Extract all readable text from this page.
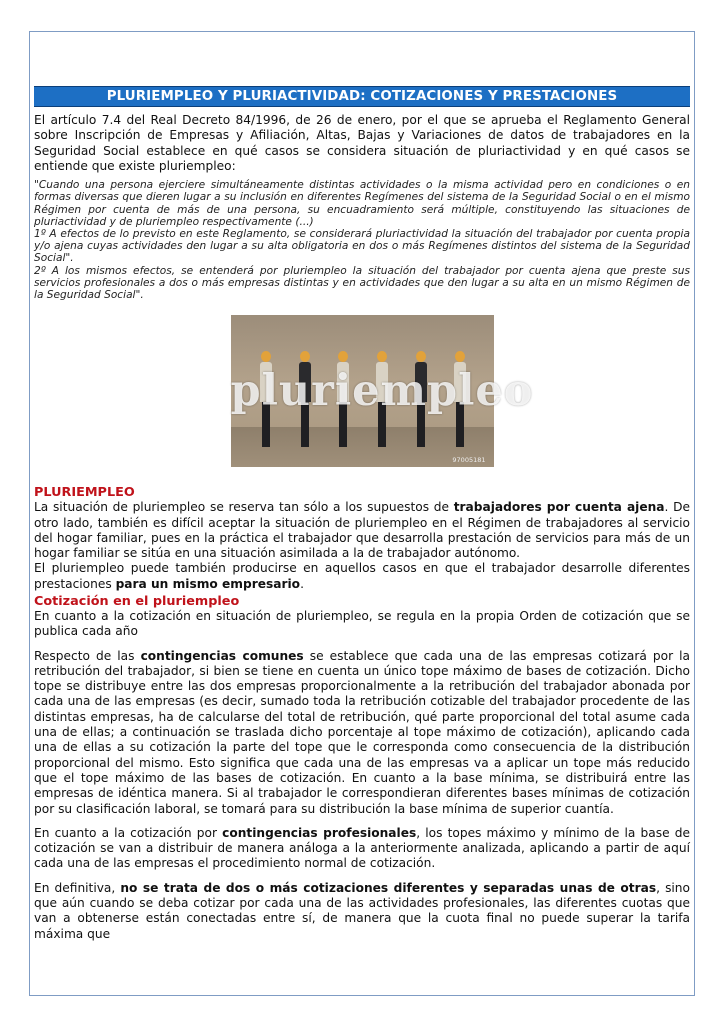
PLURIEMPLEO Y PLURIACTIVIDAD: COTIZACIONES Y PRESTACIONES

El artículo 7.4 del Real Decreto 84/1996, de 26 de enero, por el que se aprueba el Reglamento General sobre Inscripción de Empresas y Afiliación, Altas, Bajas y Variaciones de datos de trabajadores en la Seguridad Social establece en qué casos se considera situación de pluriactividad y en qué casos se entiende que existe pluriempleo:

"Cuando una persona ejerciere simultáneamente distintas actividades o la misma actividad pero en condiciones o en formas diversas que dieren lugar a su inclusión en diferentes Regímenes del sistema de la Seguridad Social o en el mismo Régimen por cuenta de más de una persona, su encuadramiento será múltiple, constituyendo las situaciones de pluriactividad y de pluriempleo respectivamente (...)
1º A efectos de lo previsto en este Reglamento, se considerará pluriactividad la situación del trabajador por cuenta propia y/o ajena cuyas actividades den lugar a su alta obligatoria en dos o más Regímenes distintos del sistema de la Seguridad Social".
2º A los mismos efectos, se entenderá por pluriempleo la situación del trabajador por cuenta ajena que preste sus servicios profesionales a dos o más empresas distintas y en actividades que den lugar a su alta en un mismo Régimen de la Seguridad Social".
pluriempleo
97005181
PLURIEMPLEO

La situación de pluriempleo se reserva tan sólo a los supuestos de trabajadores por cuenta ajena. De otro lado, también es difícil aceptar la situación de pluriempleo en el Régimen de trabajadores al servicio del hogar familiar, pues en la práctica el trabajador que desarrolla prestación de servicios para más de un hogar familiar se sitúa en una situación asimilada a la de trabajador autónomo.

El pluriempleo puede también producirse en aquellos casos en que el trabajador desarrolle diferentes prestaciones para un mismo empresario.

Cotización en el pluriempleo

En cuanto a la cotización en situación de pluriempleo, se regula en la propia Orden de cotización que se publica cada año

Respecto de las contingencias comunes se establece que cada una de las empresas cotizará por la retribución del trabajador, si bien se tiene en cuenta un único tope máximo de bases de cotización. Dicho tope se distribuye entre las dos empresas proporcionalmente a la retribución del trabajador abonada por cada una de las empresas (es decir, sumado toda la retribución cotizable del trabajador procedente de las distintas empresas, ha de calcularse del total de retribución, qué parte proporcional del total asume cada una de ellas; a continuación se traslada dicho porcentaje al tope máximo de cotización), aplicando cada una de ellas a su cotización la parte del tope que le corresponda como consecuencia de la distribución proporcional del mismo. Esto significa que cada una de las empresas va a aplicar un tope más reducido que el tope máximo de las bases de cotización. En cuanto a la base mínima, se distribuirá entre las empresas de idéntica manera. Si al trabajador le correspondieran diferentes bases mínimas de cotización por su clasificación laboral, se tomará para su distribución la base mínima de superior cuantía.

En cuanto a la cotización por contingencias profesionales, los topes máximo y mínimo de la base de cotización se van a distribuir de manera análoga a la anteriormente analizada, aplicando a partir de aquí cada una de las empresas el procedimiento normal de cotización.

En definitiva, no se trata de dos o más cotizaciones diferentes y separadas unas de otras, sino que aún cuando se deba cotizar por cada una de las actividades profesionales, las diferentes cuotas que van a obtenerse están conectadas entre sí, de manera que la cuota final no puede superar la tarifa máxima que
